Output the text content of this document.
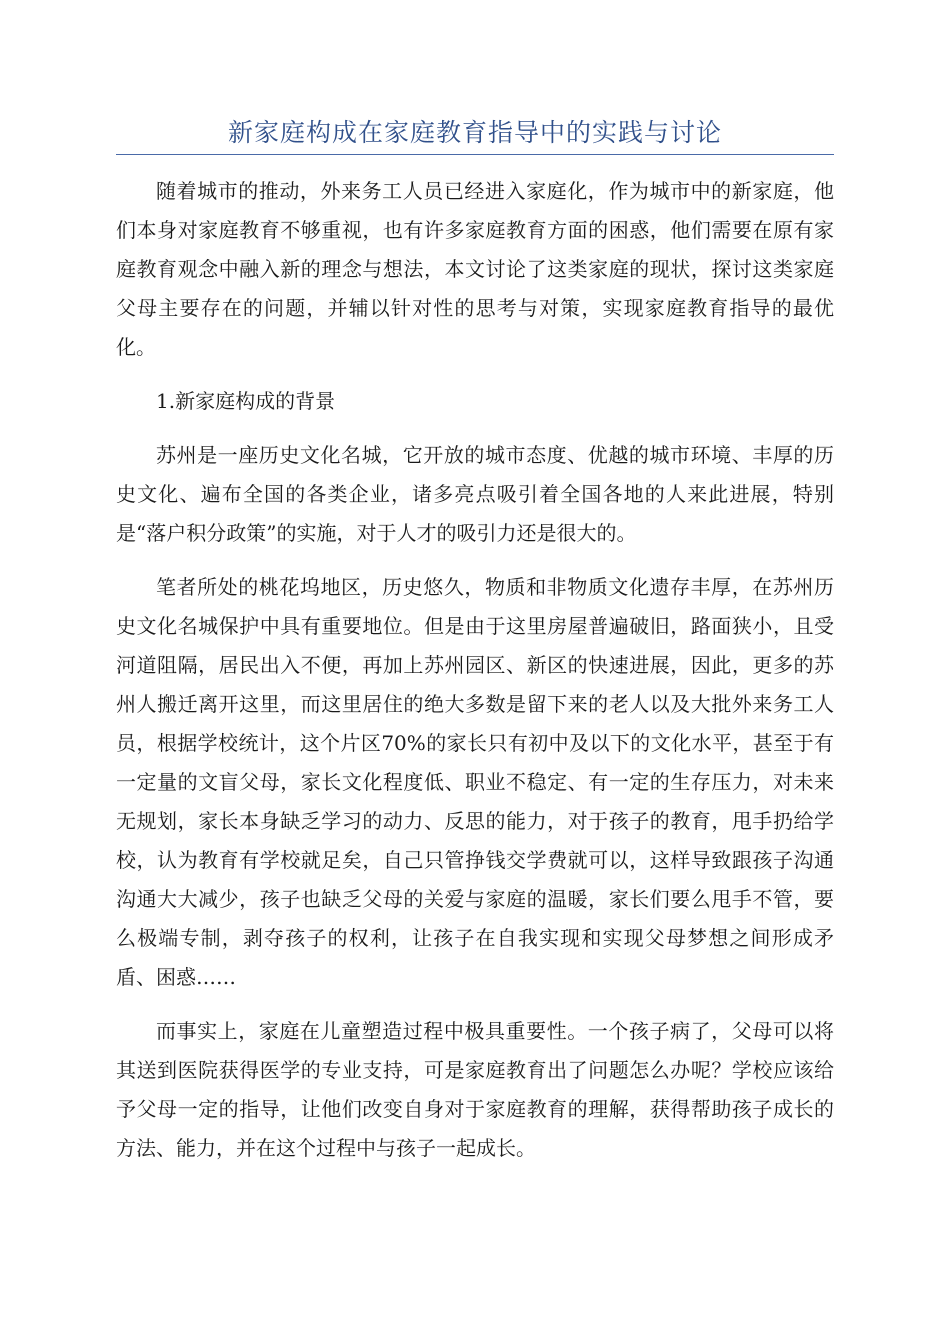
新家庭构成在家庭教育指导中的实践与讨论

随着城市的推动，外来务工人员已经进入家庭化，作为城市中的新家庭，他们本身对家庭教育不够重视，也有许多家庭教育方面的困惑，他们需要在原有家庭教育观念中融入新的理念与想法，本文讨论了这类家庭的现状，探讨这类家庭父母主要存在的问题，并辅以针对性的思考与对策，实现家庭教育指导的最优化。

1.新家庭构成的背景

苏州是一座历史文化名城，它开放的城市态度、优越的城市环境、丰厚的历史文化、遍布全国的各类企业，诸多亮点吸引着全国各地的人来此进展，特别是“落户积分政策”的实施，对于人才的吸引力还是很大的。

笔者所处的桃花坞地区，历史悠久，物质和非物质文化遗存丰厚，在苏州历史文化名城保护中具有重要地位。但是由于这里房屋普遍破旧，路面狭小，且受河道阻隔，居民出入不便，再加上苏州园区、新区的快速进展，因此，更多的苏州人搬迁离开这里，而这里居住的绝大多数是留下来的老人以及大批外来务工人员，根据学校统计，这个片区70%的家长只有初中及以下的文化水平，甚至于有一定量的文盲父母，家长文化程度低、职业不稳定、有一定的生存压力，对未来无规划，家长本身缺乏学习的动力、反思的能力，对于孩子的教育，甩手扔给学校，认为教育有学校就足矣，自己只管挣钱交学费就可以，这样导致跟孩子沟通沟通大大减少，孩子也缺乏父母的关爱与家庭的温暖，家长们要么甩手不管，要么极端专制，剥夺孩子的权利，让孩子在自我实现和实现父母梦想之间形成矛盾、困惑……

而事实上，家庭在儿童塑造过程中极具重要性。一个孩子病了，父母可以将其送到医院获得医学的专业支持，可是家庭教育出了问题怎么办呢？学校应该给予父母一定的指导，让他们改变自身对于家庭教育的理解，获得帮助孩子成长的方法、能力，并在这个过程中与孩子一起成长。
